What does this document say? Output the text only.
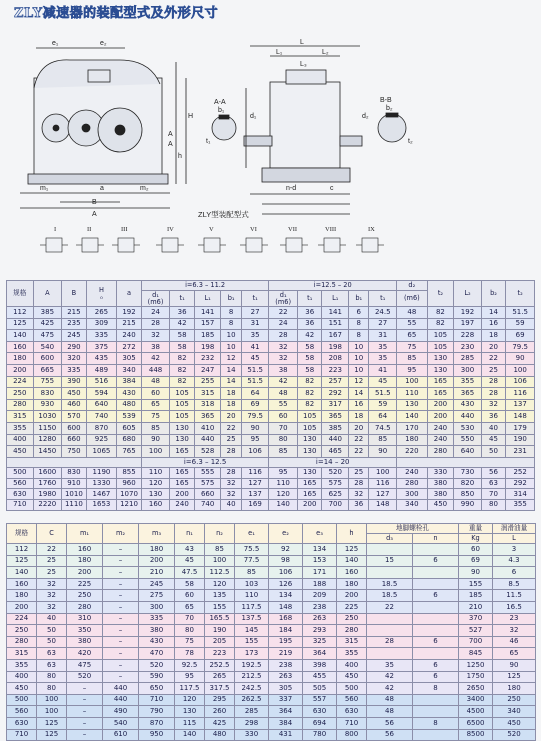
ZLY减速器的装配型式及外形尺寸
e₁	e₂
H
h
A
B
m₁	m₂
a	n-d
L
L₁	L₂
L₃
b₂
b₁
t₁	t₂
d₁	d₂
c
A-A	B-B
A
A
ZLY型装配型式
I	II	III	IV	V	VI	VII	VIII	IX
规格	A	B	H
₀	a	i=6.3 – 11.2					i=12.5 – 20					d₂	t₂	L₂	b₂	t₂
					d₁
(m6)	t₁	L₁	b₁	t₁	d₁
(m6)	t₁	L₁	b₁	t₁	(m6)				
112	385	215	265	192	24	36	141	8	27	22	36	141	6	24.5	48	82	192	14	51.5
125	425	235	309	215	28	42	157	8	31	24	36	151	8	27	55	82	197	16	59
140	475	245	335	240	32	58	185	10	35	28	42	167	8	31	65	105	228	18	69
160	540	290	375	272	38	58	198	10	41	32	58	198	10	35	75	105	230	20	79.5
180	600	320	435	305	42	82	232	12	45	32	58	208	10	35	85	130	285	22	90
200	665	335	489	340	448	82	247	14	51.5	38	58	223	10	41	95	130	300	25	100
224	755	390	516	384	48	82	255	14	51.5	42	82	257	12	45	100	165	355	28	106
250	830	450	594	430	60	105	315	18	64	48	82	292	14	51.5	110	165	365	28	116
280	930	460	640	480	65	105	318	18	69	55	82	317	16	59	130	200	430	32	137
315	1030	570	740	539	75	105	365	20	79.5	60	105	365	18	64	140	200	440	36	148
355	1150	600	870	605	85	130	410	22	90	70	105	385	20	74.5	170	240	530	40	179
400	1280	660	925	680	90	130	440	25	95	80	130	440	22	85	180	240	550	45	190
450	1450	750	1065	765	100	165	528	28	106	85	130	465	22	90	220	280	640	50	231
					i=6.3 – 12.5					i=14 – 20									
500	1600	830	1190	855	110	165	555	28	116	95	130	520	25	100	240	330	730	56	252
560	1760	910	1330	960	120	165	575	32	127	110	165	575	28	116	280	380	820	63	292
630	1980	1010	1467	1070	130	200	660	32	137	120	165	625	32	127	300	380	850	70	314
710	2220	1110	1653	1210	160	240	740	40	169	140	200	700	36	148	340	450	990	80	355
规格	C	m₁	m₂	m₃	n₁	n₂	e₁	e₂	e₃	h	地脚螺栓孔		重量	润滑油量
											d₃	n	Kg	L
112	22	160	–	180	43	85	75.5	92	134	125			60	3
125	25	180	–	200	45	100	77.5	98	153	140	15	6	69	4.3
140	25	200	–	210	47.5	112.5	85	106	171	160			90	6
160	32	225	–	245	58	120	103	126	188	180	18.5		155	8.5
180	32	250	–	275	60	135	110	134	209	200	18.5	6	185	11.5
200	32	280	–	300	65	155	117.5	148	238	225	22		210	16.5
224	40	310	–	335	70	165.5	137.5	168	263	250			370	23
250	50	350	–	380	80	190	145	184	293	280			527	32
280	50	380	–	430	75	205	155	195	325	315	28	6	700	46
315	63	420	–	470	78	223	173	219	364	355			845	65
355	63	475	–	520	92.5	252.5	192.5	238	398	400	35	6	1250	90
400	80	520	–	590	95	265	212.5	263	455	450	42	6	1750	125
450	80	–	440	650	117.5	317.5	242.5	305	505	500	42	8	2650	180
500	100	–	440	710	120	295	262.5	337	557	560	48		3400	250
560	100	–	490	790	130	260	285	364	630	630	48		4500	340
630	125	–	540	870	115	425	298	384	694	710	56	8	6500	450
710	125	–	610	950	140	480	330	431	780	800	56		8500	520
